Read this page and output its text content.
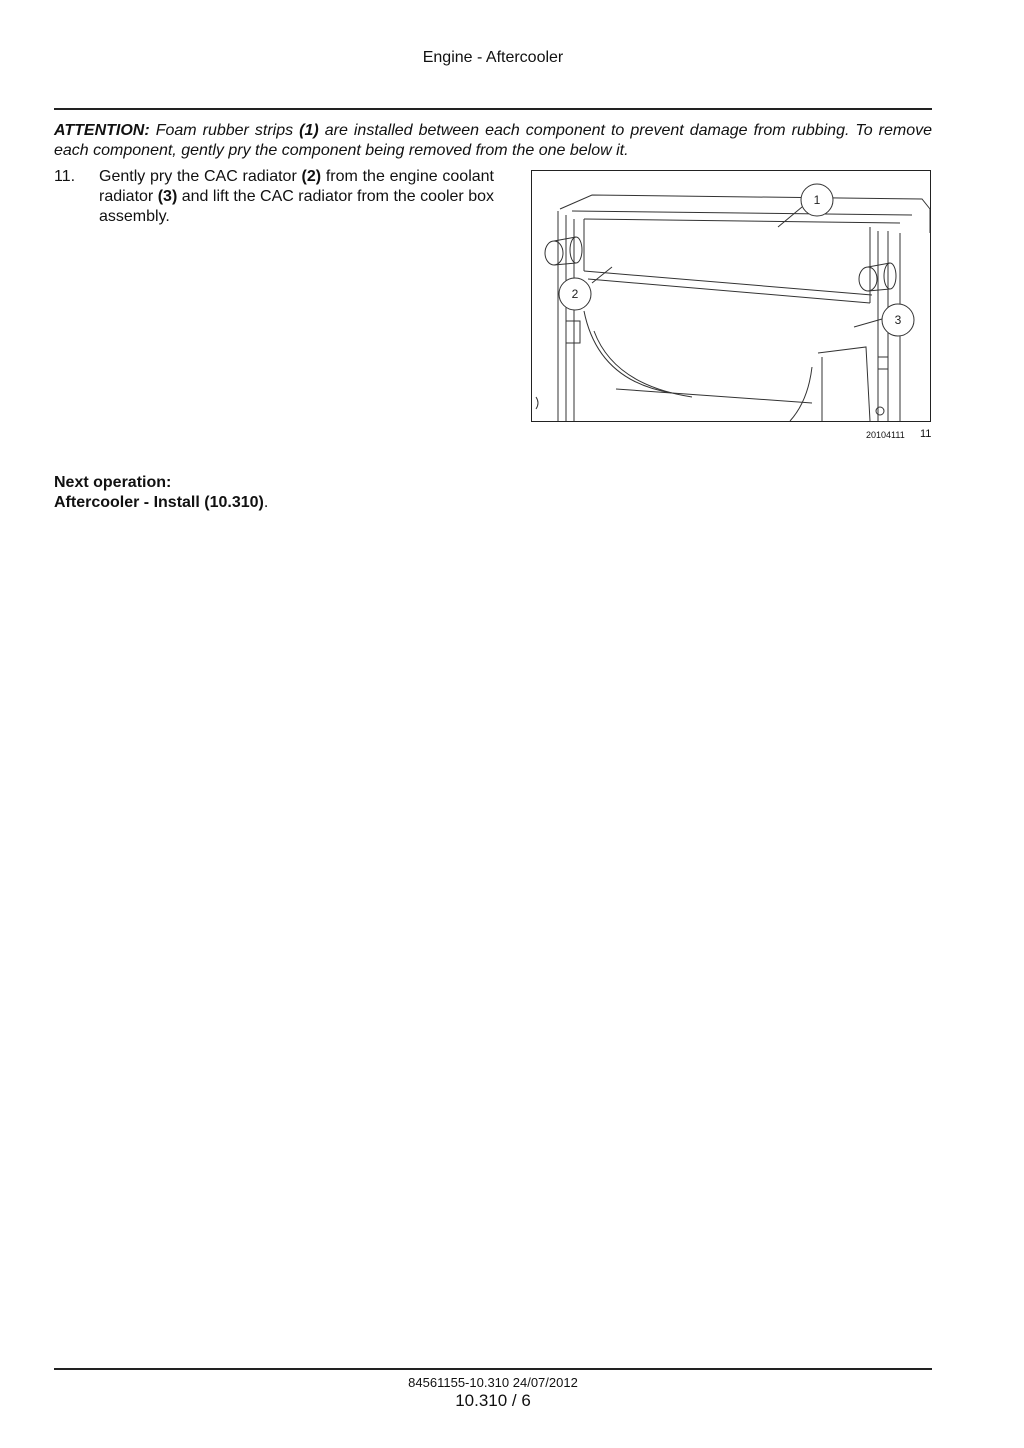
Engine - Aftercooler
ATTENTION: Foam rubber strips (1) are installed between each component to prevent damage from rubbing. To remove each component, gently pry the component being removed from the one below it.
11.	Gently pry the CAC radiator (2) from the engine coolant radiator (3) and lift the CAC radiator from the cooler box assembly.
1
2
3
20104111 11
Next operation:
Aftercooler - Install (10.310).
84561155-10.310 24/07/2012
10.310 / 6
